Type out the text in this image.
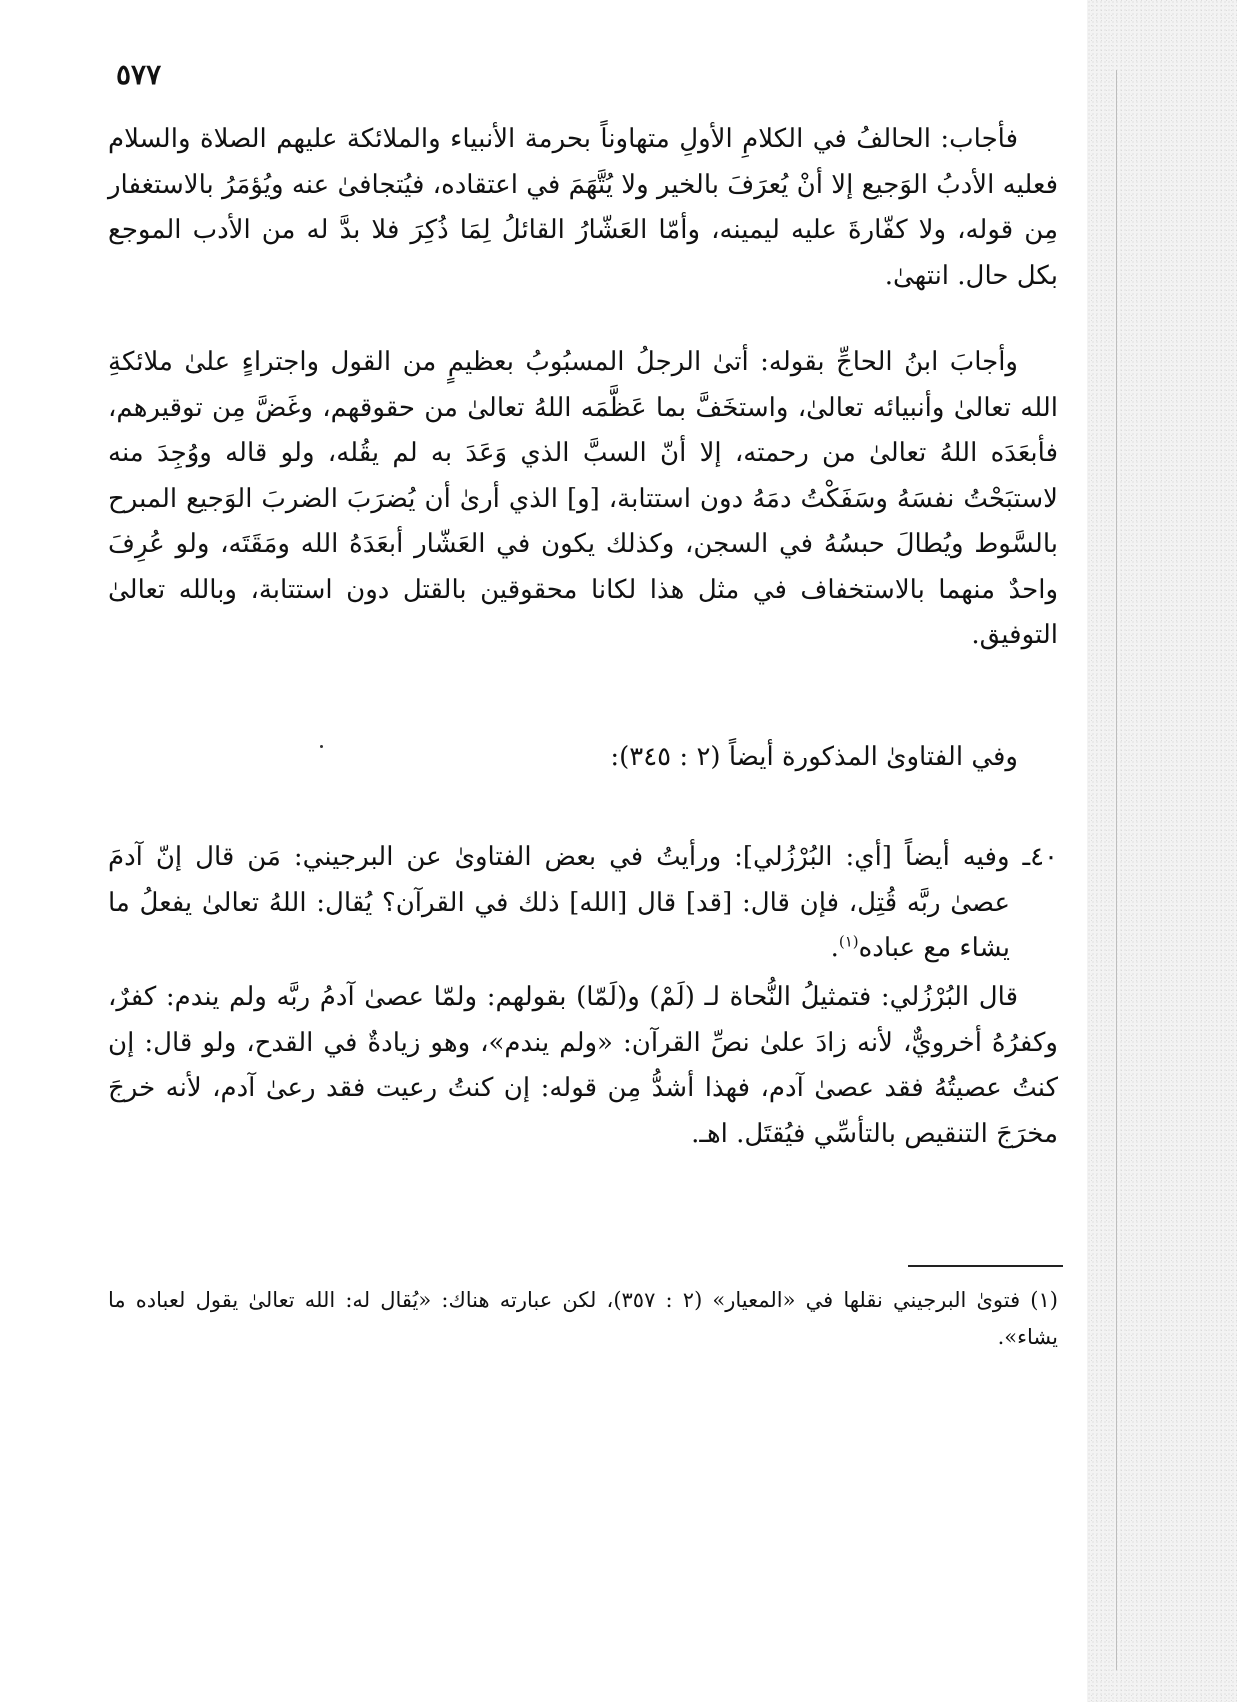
٥٧٧

فأجاب: الحالفُ في الكلامِ الأولِ متهاوناً بحرمة الأنبياء والملائكة عليهم الصلاة والسلام فعليه الأدبُ الوَجيع إلا أنْ يُعرَفَ بالخير ولا يُتَّهَمَ في اعتقاده، فيُتجافىٰ عنه ويُؤمَرُ بالاستغفار مِن قوله، ولا كفّارةَ عليه ليمينه، وأمّا العَشّارُ القائلُ لِمَا ذُكِرَ فلا بدَّ له من الأدب الموجع بكل حال. انتهىٰ.

وأجابَ ابنُ الحاجِّ بقوله: أتىٰ الرجلُ المسبُوبُ بعظيمٍ من القول واجتراءٍ علىٰ ملائكةِ الله تعالىٰ وأنبيائه تعالىٰ، واستخَفَّ بما عَظَّمَه اللهُ تعالىٰ من حقوقهم، وغَضَّ مِن توقيرهم، فأبعَدَه اللهُ تعالىٰ من رحمته، إلا أنّ السبَّ الذي وَعَدَ به لم يقُله، ولو قاله ووُجِدَ منه لاستبَحْتُ نفسَهُ وسَفَكْتُ دمَهُ دون استتابة، [و] الذي أرىٰ أن يُضرَبَ الضربَ الوَجيع المبرح بالسَّوط ويُطالَ حبسُهُ في السجن، وكذلك يكون في العَشّار أبعَدَهُ الله ومَقَتَه، ولو عُرِفَ واحدٌ منهما بالاستخفاف في مثل هذا لكانا محقوقين بالقتل دون استتابة، وبالله تعالىٰ التوفيق.

وفي الفتاوىٰ المذكورة أيضاً (٢ : ٣٤٥):

٤٠ـ وفيه أيضاً [أي: البُرْزُلي]: ورأيتُ في بعض الفتاوىٰ عن البرجيني: مَن قال إنّ آدمَ عصىٰ ربَّه قُتِل، فإن قال: [قد] قال [الله] ذلك في القرآن؟ يُقال: اللهُ تعالىٰ يفعلُ ما يشاء مع عباده$^{(١)}$.

قال البُرْزُلي: فتمثيلُ النُّحاة لـ (لَمْ) و(لَمّا) بقولهم: ولمّا عصىٰ آدمُ ربَّه ولم يندم: كفرٌ، وكفرُهُ أخرويٌّ، لأنه زادَ علىٰ نصِّ القرآن: «ولم يندم»، وهو زيادةٌ في القدح، ولو قال: إن كنتُ عصيتُهُ فقد عصىٰ آدم، فهذا أشدُّ مِن قوله: إن كنتُ رعيت فقد رعىٰ آدم، لأنه خرجَ مخرَجَ التنقيص بالتأسِّي فيُقتَل. اهـ.

(١) فتوىٰ البرجيني نقلها في «المعيار» (٢ : ٣٥٧)، لكن عبارته هناك: «يُقال له: الله تعالىٰ يقول لعباده ما يشاء».
